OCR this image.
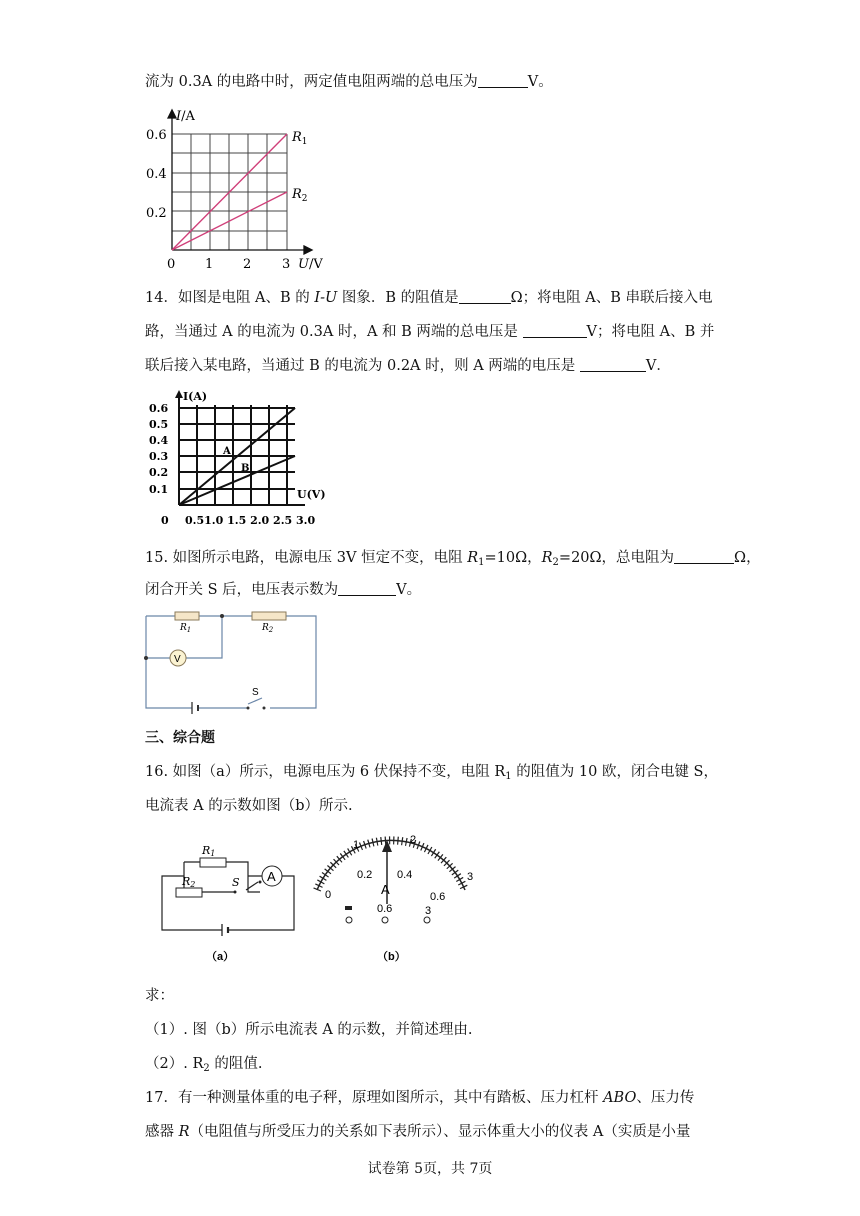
流为 0.3A 的电路中时，两定值电阻两端的总电压为	V。
I/A
0.6
0.4
0.2
0 1 2 3 U/V
$R_1$
$R_2$
14．如图是电阻 A、B 的 I-U 图象．B 的阻值是	Ω；将电阻 A、B 串联后接入电
路，当通过 A 的电流为 0.3A 时，A 和 B 两端的总电压是	V；将电阻 A、B 并
联后接入某电路，当通过 B 的电流为 0.2A 时，则 A 两端的电压是	V．
I(A)
0.6
0.5
0.4
0.3
0.2
0.1
0 0.51.0 1.5 2.0 2.5 3.0
U(V)
A
B
15. 如图所示电路，电源电压 3V 恒定不变，电阻 $R_1=10\Omega$，$R_2=20\Omega$，总电阻为	Ω，
闭合开关 S 后，电压表示数为	V。
V
$R_1$	$R_2$
S
三、综合题
16. 如图（a）所示，电源电压为 6 伏保持不变，电阻 $R_1$ 的阻值为 10 欧，闭合电键 S，
电流表 A 的示数如图（b）所示.
A
R1
R2	S
（a）
1	2
3
0
0.2 0.4
0.6
A
0.6	3
（b）
求：
（1）. 图（b）所示电流表 A 的示数，并简述理由.
（2）. $R_2$ 的阻值.
17．有一种测量体重的电子秤，原理如图所示，其中有踏板、压力杠杆 ABO、压力传
感器 R（电阻值与所受压力的关系如下表所示）、显示体重大小的仪表 A（实质是小量
试卷第 5页，共 7页
